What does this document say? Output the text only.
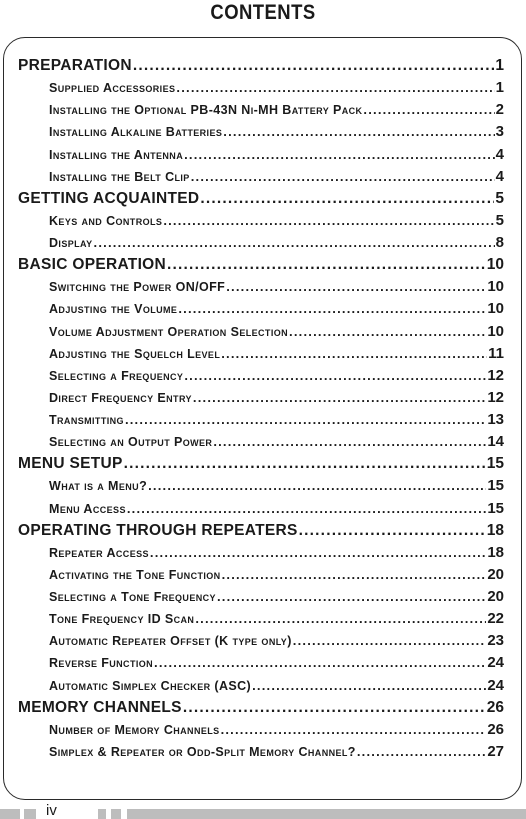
CONTENTS
PREPARATION .....	1
Supplied Accessories .....	1
Installing the Optional PB-43N Ni-MH Battery Pack .....	2
Installing Alkaline Batteries .....	3
Installing the Antenna .....	4
Installing the Belt Clip .....	4
GETTING ACQUAINTED .....	5
Keys and Controls .....	5
Display .....	8
BASIC OPERATION .....	10
Switching the Power ON/OFF .....	10
Adjusting the Volume .....	10
Volume Adjustment Operation Selection .....	10
Adjusting the Squelch Level .....	11
Selecting a Frequency .....	12
Direct Frequency Entry .....	12
Transmitting .....	13
Selecting an Output Power .....	14
MENU SETUP .....	15
What is a Menu? .....	15
Menu Access .....	15
OPERATING THROUGH REPEATERS .....	18
Repeater Access .....	18
Activating the Tone Function .....	20
Selecting a Tone Frequency .....	20
Tone Frequency ID Scan .....	22
Automatic Repeater Offset (K type only) .....	23
Reverse Function .....	24
Automatic Simplex Checker (ASC) .....	24
MEMORY CHANNELS .....	26
Number of Memory Channels .....	26
Simplex & Repeater or Odd-Split Memory Channel? .....	27
iv
